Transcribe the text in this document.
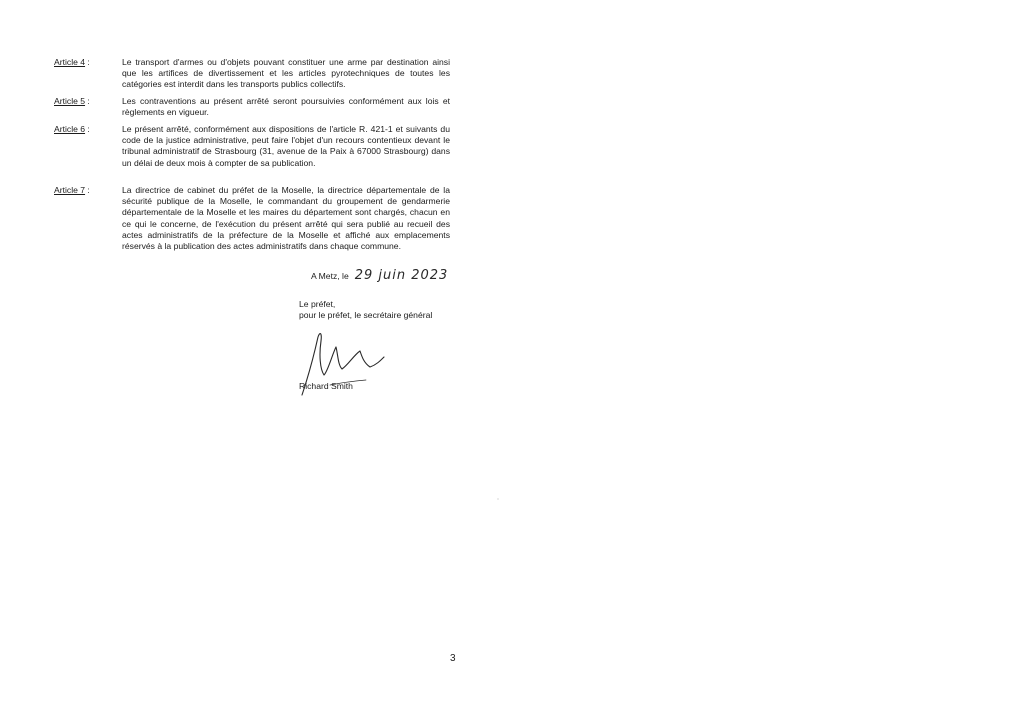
Article 4 :	Le transport d'armes ou d'objets pouvant constituer une arme par destination ainsi que les artifices de divertissement et les articles pyrotechniques de toutes les catégories est interdit dans les transports publics collectifs.
Article 5 :	Les contraventions au présent arrêté seront poursuivies conformément aux lois et règlements en vigueur.
Article 6 :	Le présent arrêté, conformément aux dispositions de l'article R. 421-1 et suivants du code de la justice administrative, peut faire l'objet d'un recours contentieux devant le tribunal administratif de Strasbourg (31, avenue de la Paix à 67000 Strasbourg) dans un délai de deux mois à compter de sa publication.
Article 7 :	La directrice de cabinet du préfet de la Moselle, la directrice départementale de la sécurité publique de la Moselle, le commandant du groupement de gendarmerie départementale de la Moselle et les maires du département sont chargés, chacun en ce qui le concerne, de l'exécution du présent arrêté qui sera publié au recueil des actes administratifs de la préfecture de la Moselle et affiché aux emplacements réservés à la publication des actes administratifs dans chaque commune.
A Metz, le 29 juin 2023
Le préfet,
pour le préfet, le secrétaire général
Richard Smith
3
